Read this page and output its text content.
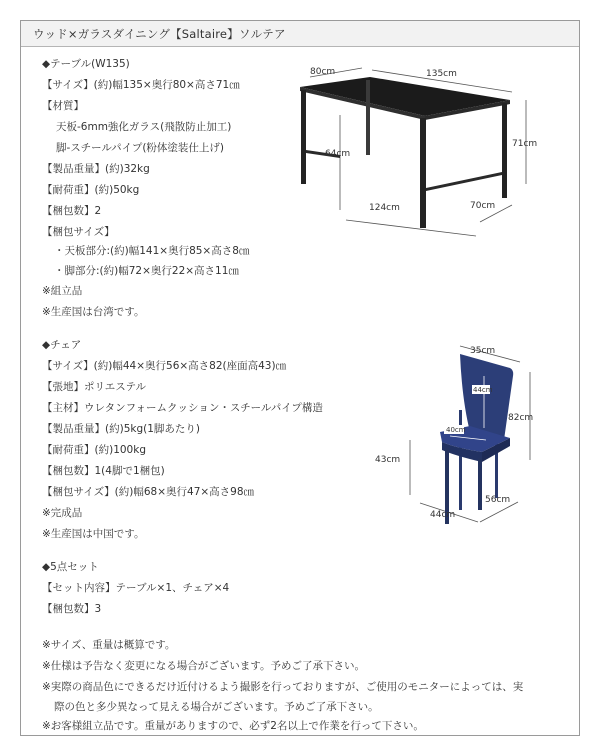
ウッド×ガラスダイニング【Saltaire】ソルテア
◆テーブル(W135)
【サイズ】(約)幅135×奥行80×高さ71㎝
【材質】
天板-6mm強化ガラス(飛散防止加工)
脚-スチールパイプ(粉体塗装仕上げ)
【製品重量】(約)32kg
【耐荷重】(約)50kg
【梱包数】2
【梱包サイズ】
・天板部分:(約)幅141×奥行85×高さ8㎝
・脚部分:(約)幅72×奥行22×高さ11㎝
※組立品
※生産国は台湾です。
◆チェア
【サイズ】(約)幅44×奥行56×高さ82(座面高43)㎝
【張地】ポリエステル
【主材】ウレタンフォームクッション・スチールパイプ構造
【製品重量】(約)5kg(1脚あたり)
【耐荷重】(約)100kg
【梱包数】1(4脚で1梱包)
【梱包サイズ】(約)幅68×奥行47×高さ98㎝
※完成品
※生産国は中国です。
◆5点セット
【セット内容】テーブル×1、チェア×4
【梱包数】3
※サイズ、重量は概算です。
※仕様は予告なく変更になる場合がございます。予めご了承下さい。
※実際の商品色にできるだけ近付けるよう撮影を行っておりますが、ご使用のモニターによっては、実
際の色と多少異なって見える場合がございます。予めご了承下さい。
※お客様組立品です。重量がありますので、必ず2名以上で作業を行って下さい。
80cm	135cm
71cm
64cm
124cm	70cm
44cm
40cm
35cm
82cm
43cm
56cm
44cm
